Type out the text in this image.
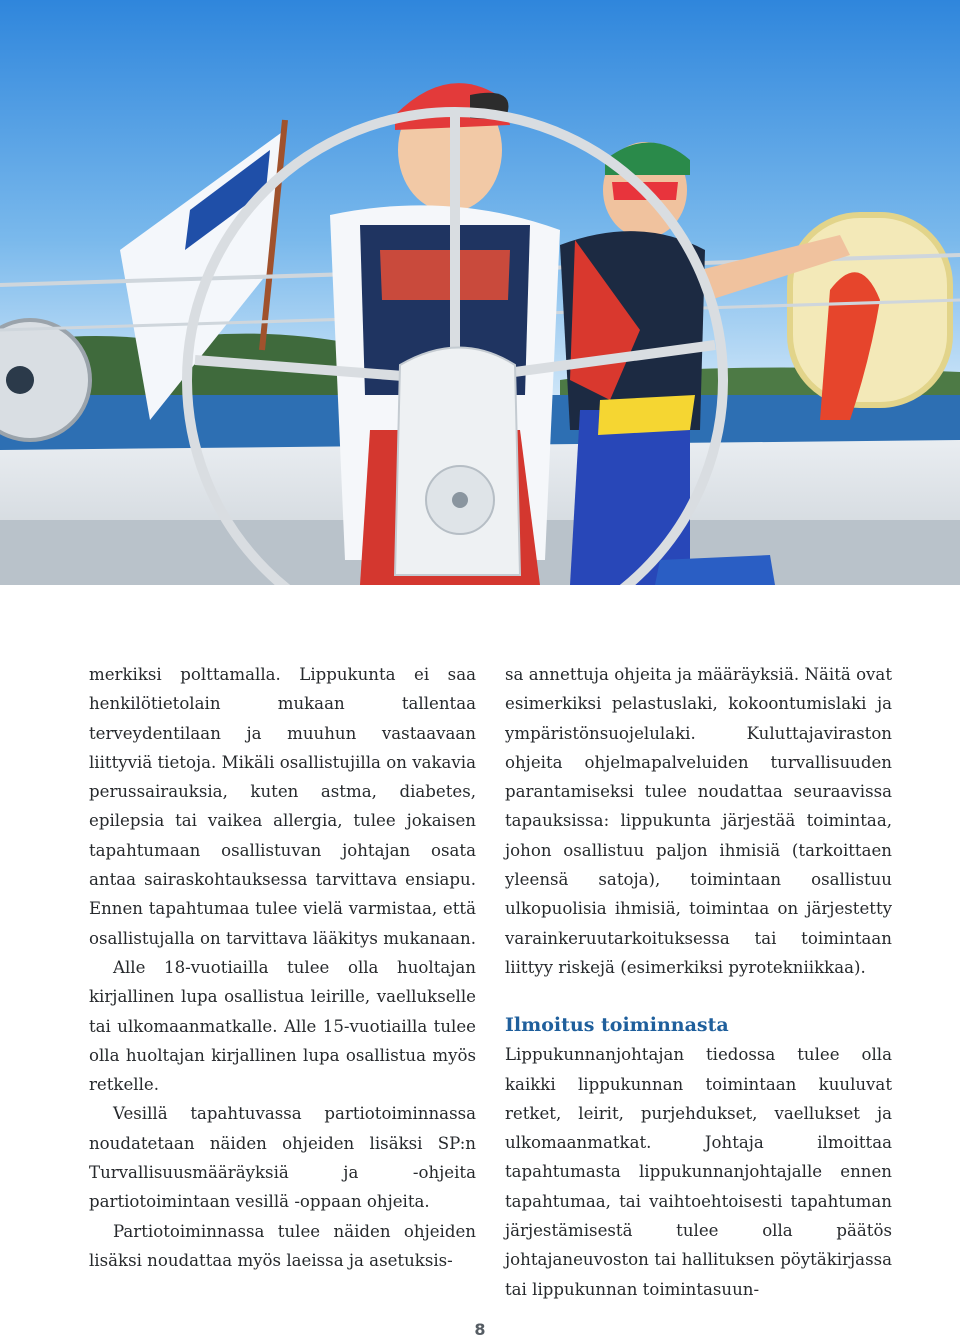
merkiksi polttamalla. Lippukunta ei saa henkilötietolain mukaan tallentaa terveydentilaan ja muuhun vastaavaan liittyviä tietoja. Mikäli osallistujilla on vakavia perussairauksia, kuten astma, diabetes, epilepsia tai vaikea allergia, tulee jokaisen tapahtumaan osallistuvan johtajan osata antaa sairaskohtauksessa tarvittava ensiapu. Ennen tapahtumaa tulee vielä varmistaa, että osallistujalla on tarvittava lääkitys mukanaan.

Alle 18-vuotiailla tulee olla huoltajan kirjallinen lupa osallistua leirille, vaellukselle tai ulkomaanmatkalle. Alle 15-vuotiailla tulee olla huoltajan kirjallinen lupa osallistua myös retkelle.

Vesillä tapahtuvassa partiotoiminnassa noudatetaan näiden ohjeiden lisäksi SP:n Turvallisuusmääräyksiä ja -ohjeita partiotoimintaan vesillä -oppaan ohjeita.

Partiotoiminnassa tulee näiden ohjeiden lisäksi noudattaa myös laeissa ja asetuksis-

sa annettuja ohjeita ja määräyksiä. Näitä ovat esimerkiksi pelastuslaki, kokoontumislaki ja ympäristönsuojelulaki. Kuluttajaviraston ohjeita ohjelmapalveluiden turvallisuuden parantamiseksi tulee noudattaa seuraavissa tapauksissa: lippukunta järjestää toimintaa, johon osallistuu paljon ihmisiä (tarkoittaen yleensä satoja), toimintaan osallistuu ulkopuolisia ihmisiä, toimintaa on järjestetty varainkeruutarkoituksessa tai toimintaan liittyy riskejä (esimerkiksi pyrotekniikkaa).

Ilmoitus toiminnasta

Lippukunnanjohtajan tiedossa tulee olla kaikki lippukunnan toimintaan kuuluvat retket, leirit, purjehdukset, vaellukset ja ulkomaanmatkat. Johtaja ilmoittaa tapahtumasta lippukunnanjohtajalle ennen tapahtumaa, tai vaihtoehtoisesti tapahtuman järjestämisestä tulee olla päätös johtajaneuvoston tai hallituksen pöytäkirjassa tai lippukunnan toimintasuun-

8
